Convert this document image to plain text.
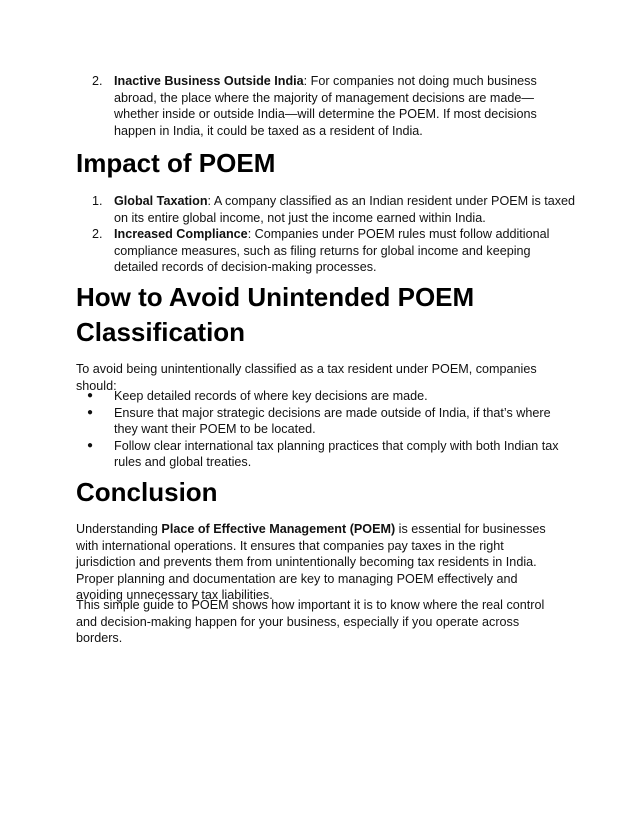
2. Inactive Business Outside India: For companies not doing much business abroad, the place where the majority of management decisions are made—whether inside or outside India—will determine the POEM. If most decisions happen in India, it could be taxed as a resident of India.
Impact of POEM
1. Global Taxation: A company classified as an Indian resident under POEM is taxed on its entire global income, not just the income earned within India.
2. Increased Compliance: Companies under POEM rules must follow additional compliance measures, such as filing returns for global income and keeping detailed records of decision-making processes.
How to Avoid Unintended POEM Classification

To avoid being unintentionally classified as a tax resident under POEM, companies should:

● Keep detailed records of where key decisions are made.
● Ensure that major strategic decisions are made outside of India, if that’s where they want their POEM to be located.
● Follow clear international tax planning practices that comply with both Indian tax rules and global treaties.
Conclusion

Understanding Place of Effective Management (POEM) is essential for businesses with international operations. It ensures that companies pay taxes in the right jurisdiction and prevents them from unintentionally becoming tax residents in India. Proper planning and documentation are key to managing POEM effectively and avoiding unnecessary tax liabilities.

This simple guide to POEM shows how important it is to know where the real control and decision-making happen for your business, especially if you operate across borders.
